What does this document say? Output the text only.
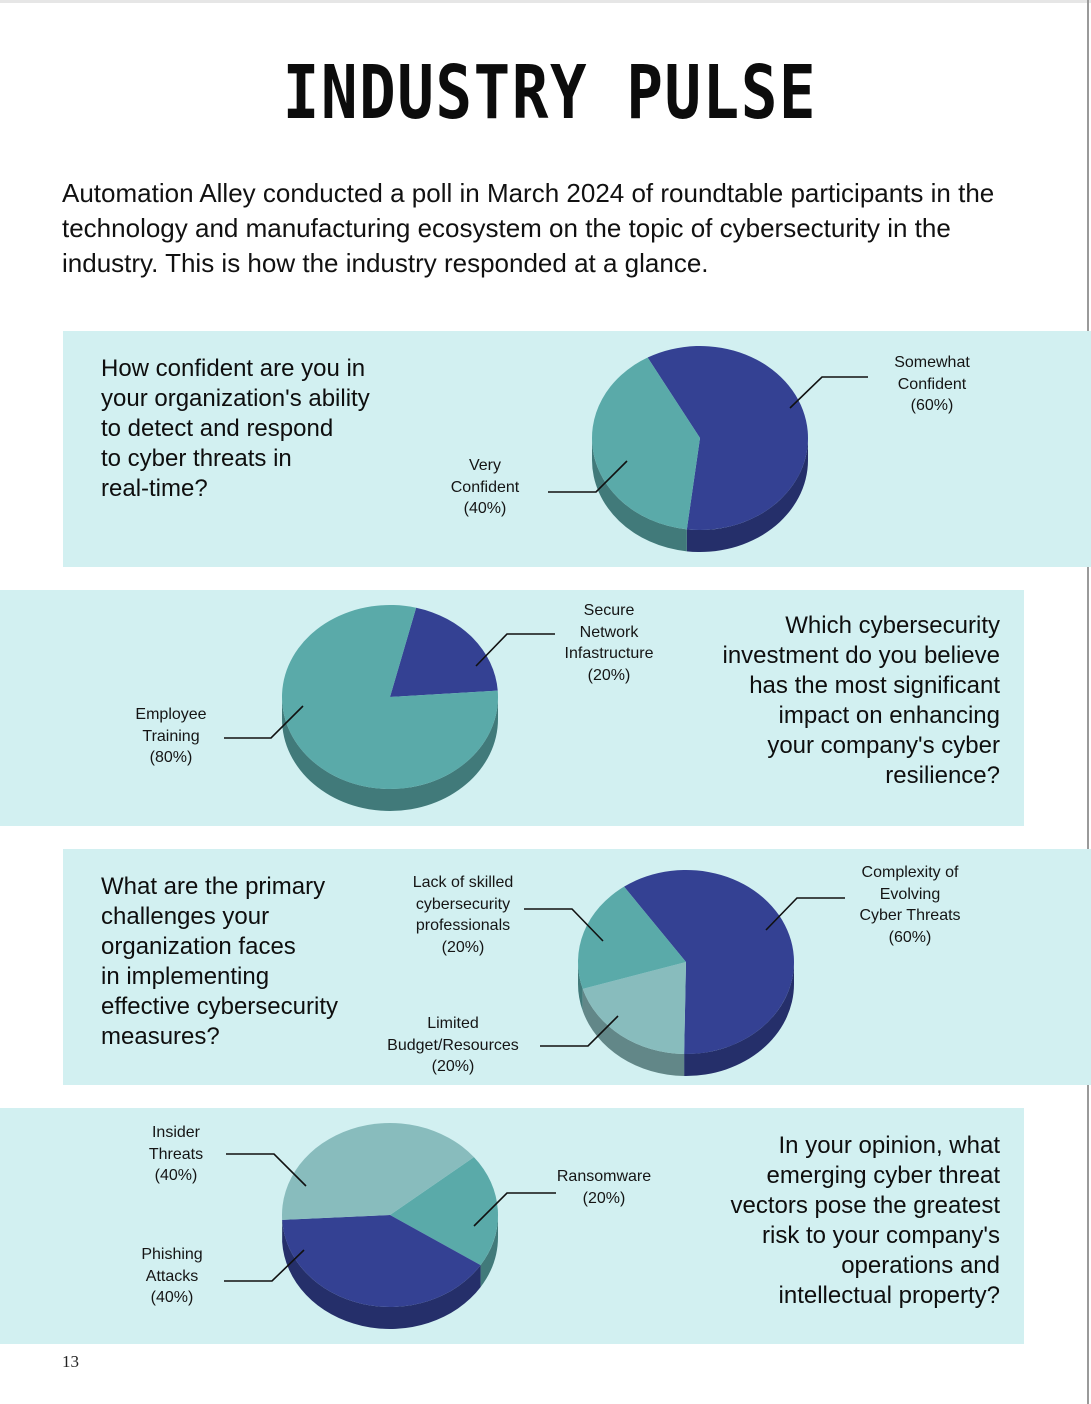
INDUSTRY PULSE
Automation Alley conducted a poll in March 2024 of roundtable participants in the technology and manufacturing ecosystem on the topic of cybersecturity in the industry. This is how the industry responded at a glance.
How confident are you in
your organization's ability
to detect and respond
to cyber threats in
real-time?
Somewhat
Confident
(60%)
Very
Confident
(40%)
Which cybersecurity
investment do you believe
has the most significant
impact on enhancing
your company's cyber
resilience?
Secure
Network
Infastructure
(20%)
Employee
Training
(80%)
What are the primary
challenges your
organization faces
in implementing
effective cybersecurity
measures?
Lack of skilled
cybersecurity
professionals
(20%)
Limited
Budget/Resources
(20%)
Complexity of
Evolving
Cyber Threats
(60%)
In your opinion, what
emerging cyber threat
vectors pose the greatest
risk to your company's
operations and
intellectual property?
Insider
Threats
(40%)
Phishing
Attacks
(40%)
Ransomware
(20%)
13
